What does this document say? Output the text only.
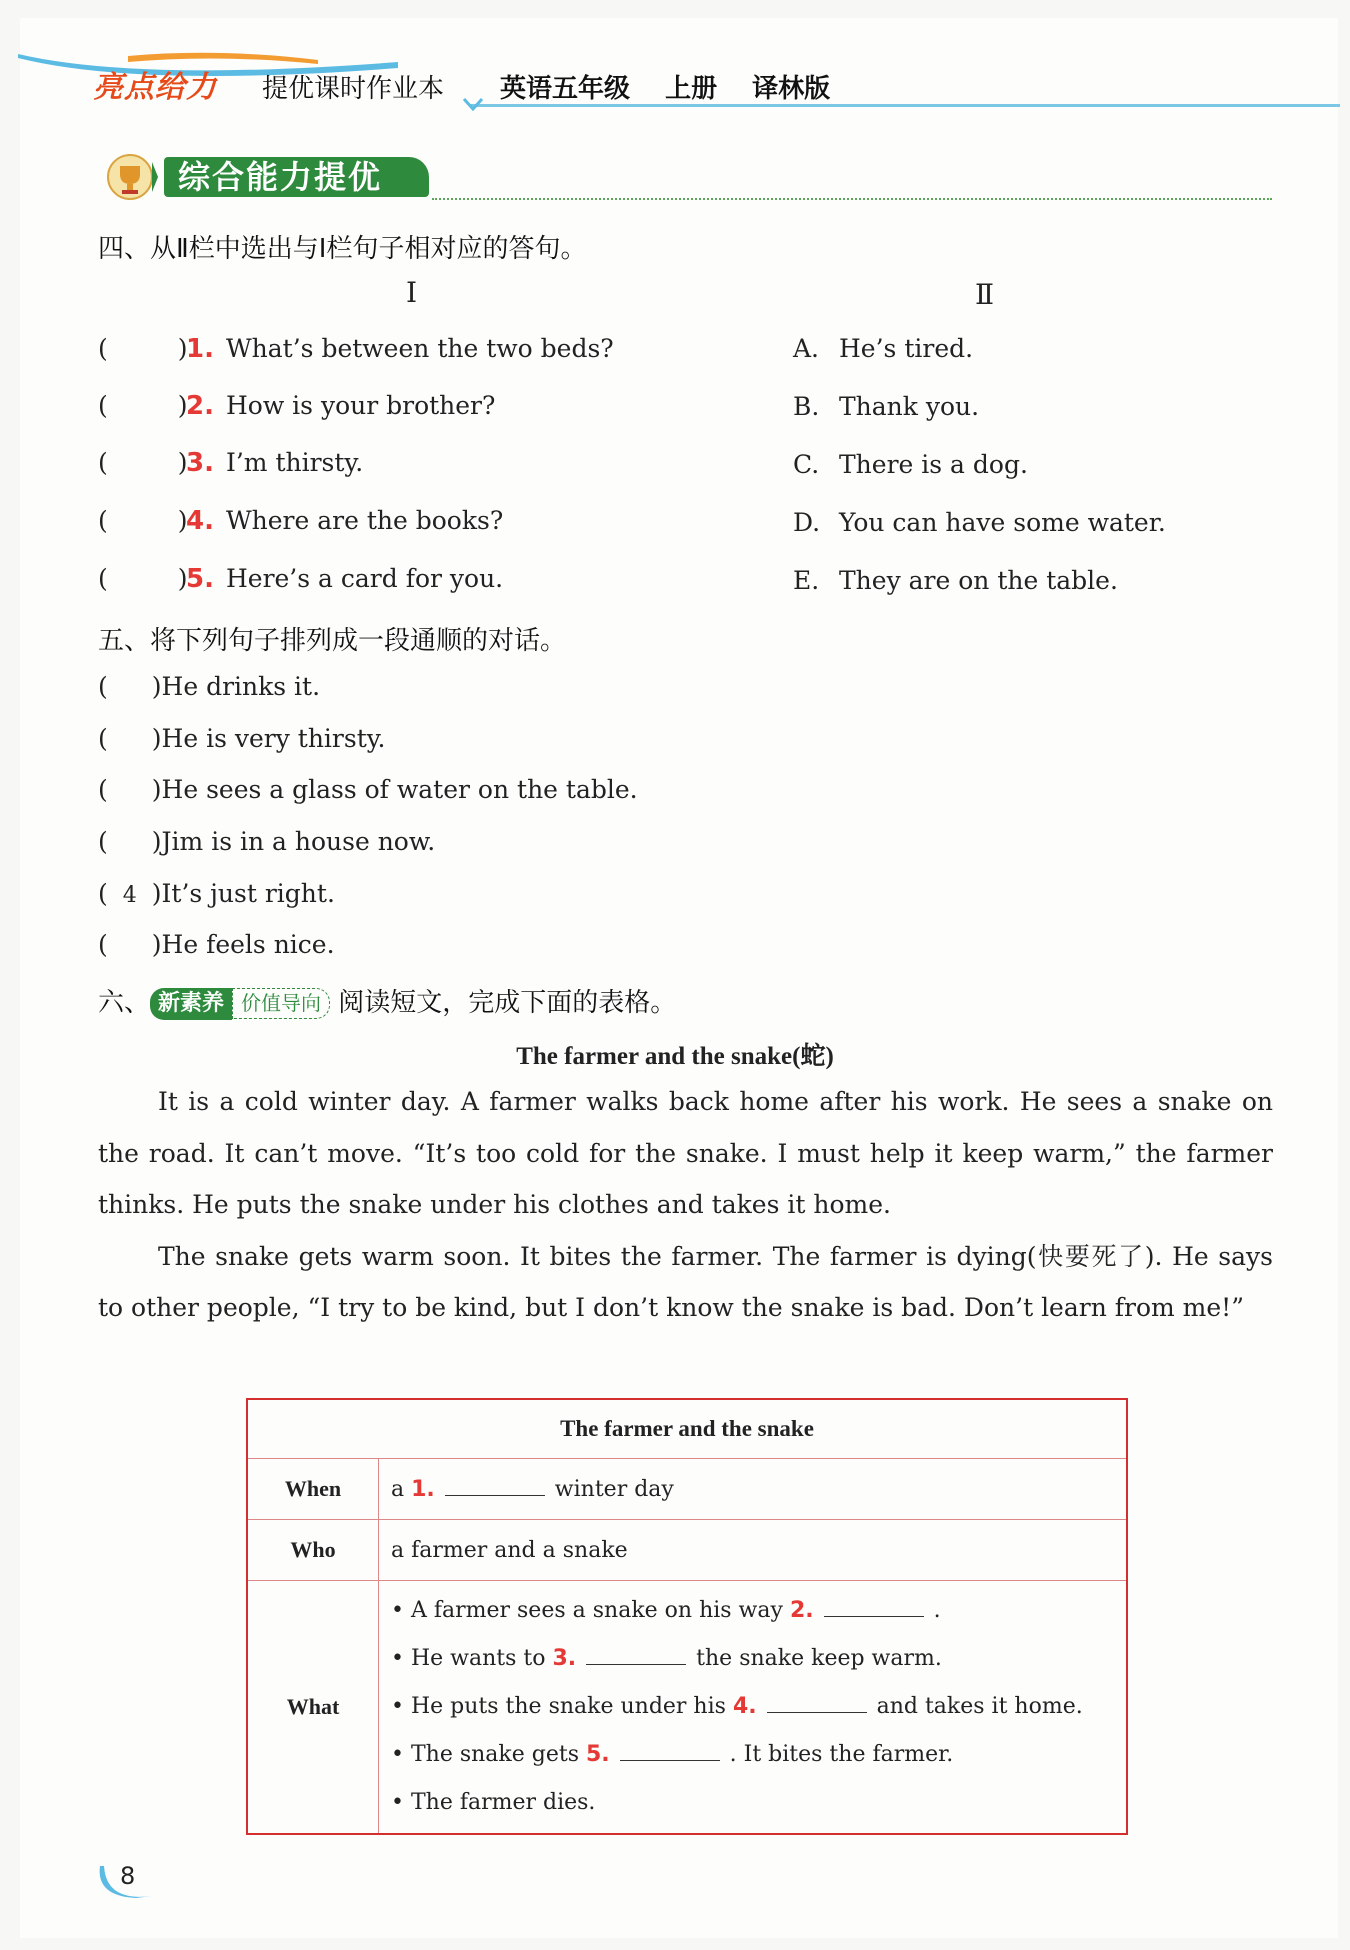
亮点给力 提优课时作业本 英语五年级 上册 译林版
综合能力提优
四、从Ⅱ栏中选出与Ⅰ栏句子相对应的答句。
Ⅰ	Ⅱ
(	)1. What’s between the two beds?
(	)2. How is your brother?
(	)3. I’m thirsty.
(	)4. Where are the books?
(	)5. Here’s a card for you.
A. He’s tired.
B. Thank you.
C. There is a dog.
D. You can have some water.
E. They are on the table.
五、将下列句子排列成一段通顺的对话。
( )He drinks it.
( )He is very thirsty.
( )He sees a glass of water on the table.
( )Jim is in a house now.
( 4 )It’s just right.
( )He feels nice.
六、 新素养 价值导向 阅读短文，完成下面的表格。
The farmer and the snake(蛇)

It is a cold winter day. A farmer walks back home after his work. He sees a snake on the road. It can’t move. “It’s too cold for the snake. I must help it keep warm,” the farmer thinks. He puts the snake under his clothes and takes it home.

The snake gets warm soon. It bites the farmer. The farmer is dying(快要死了). He says to other people, “I try to be kind, but I don’t know the snake is bad. Don’t learn from me!”

The farmer and the snake	
When	a 1. winter day
Who	a farmer and a snake
What	• A farmer sees a snake on his way 2. .
• He wants to 3. the snake keep warm.
• He puts the snake under his 4. and takes it home.
• The snake gets 5. . It bites the farmer.
• The farmer dies.
8
